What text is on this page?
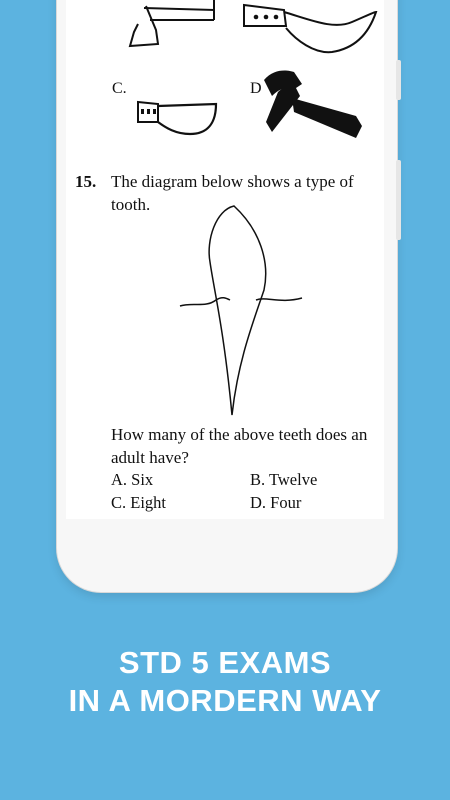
C.	D
15. The diagram below shows a type of
tooth.
How many of the above teeth does an
adult have?
A. Six	B. Twelve
C. Eight	D. Four
STD 5 EXAMS
IN A MORDERN WAY
